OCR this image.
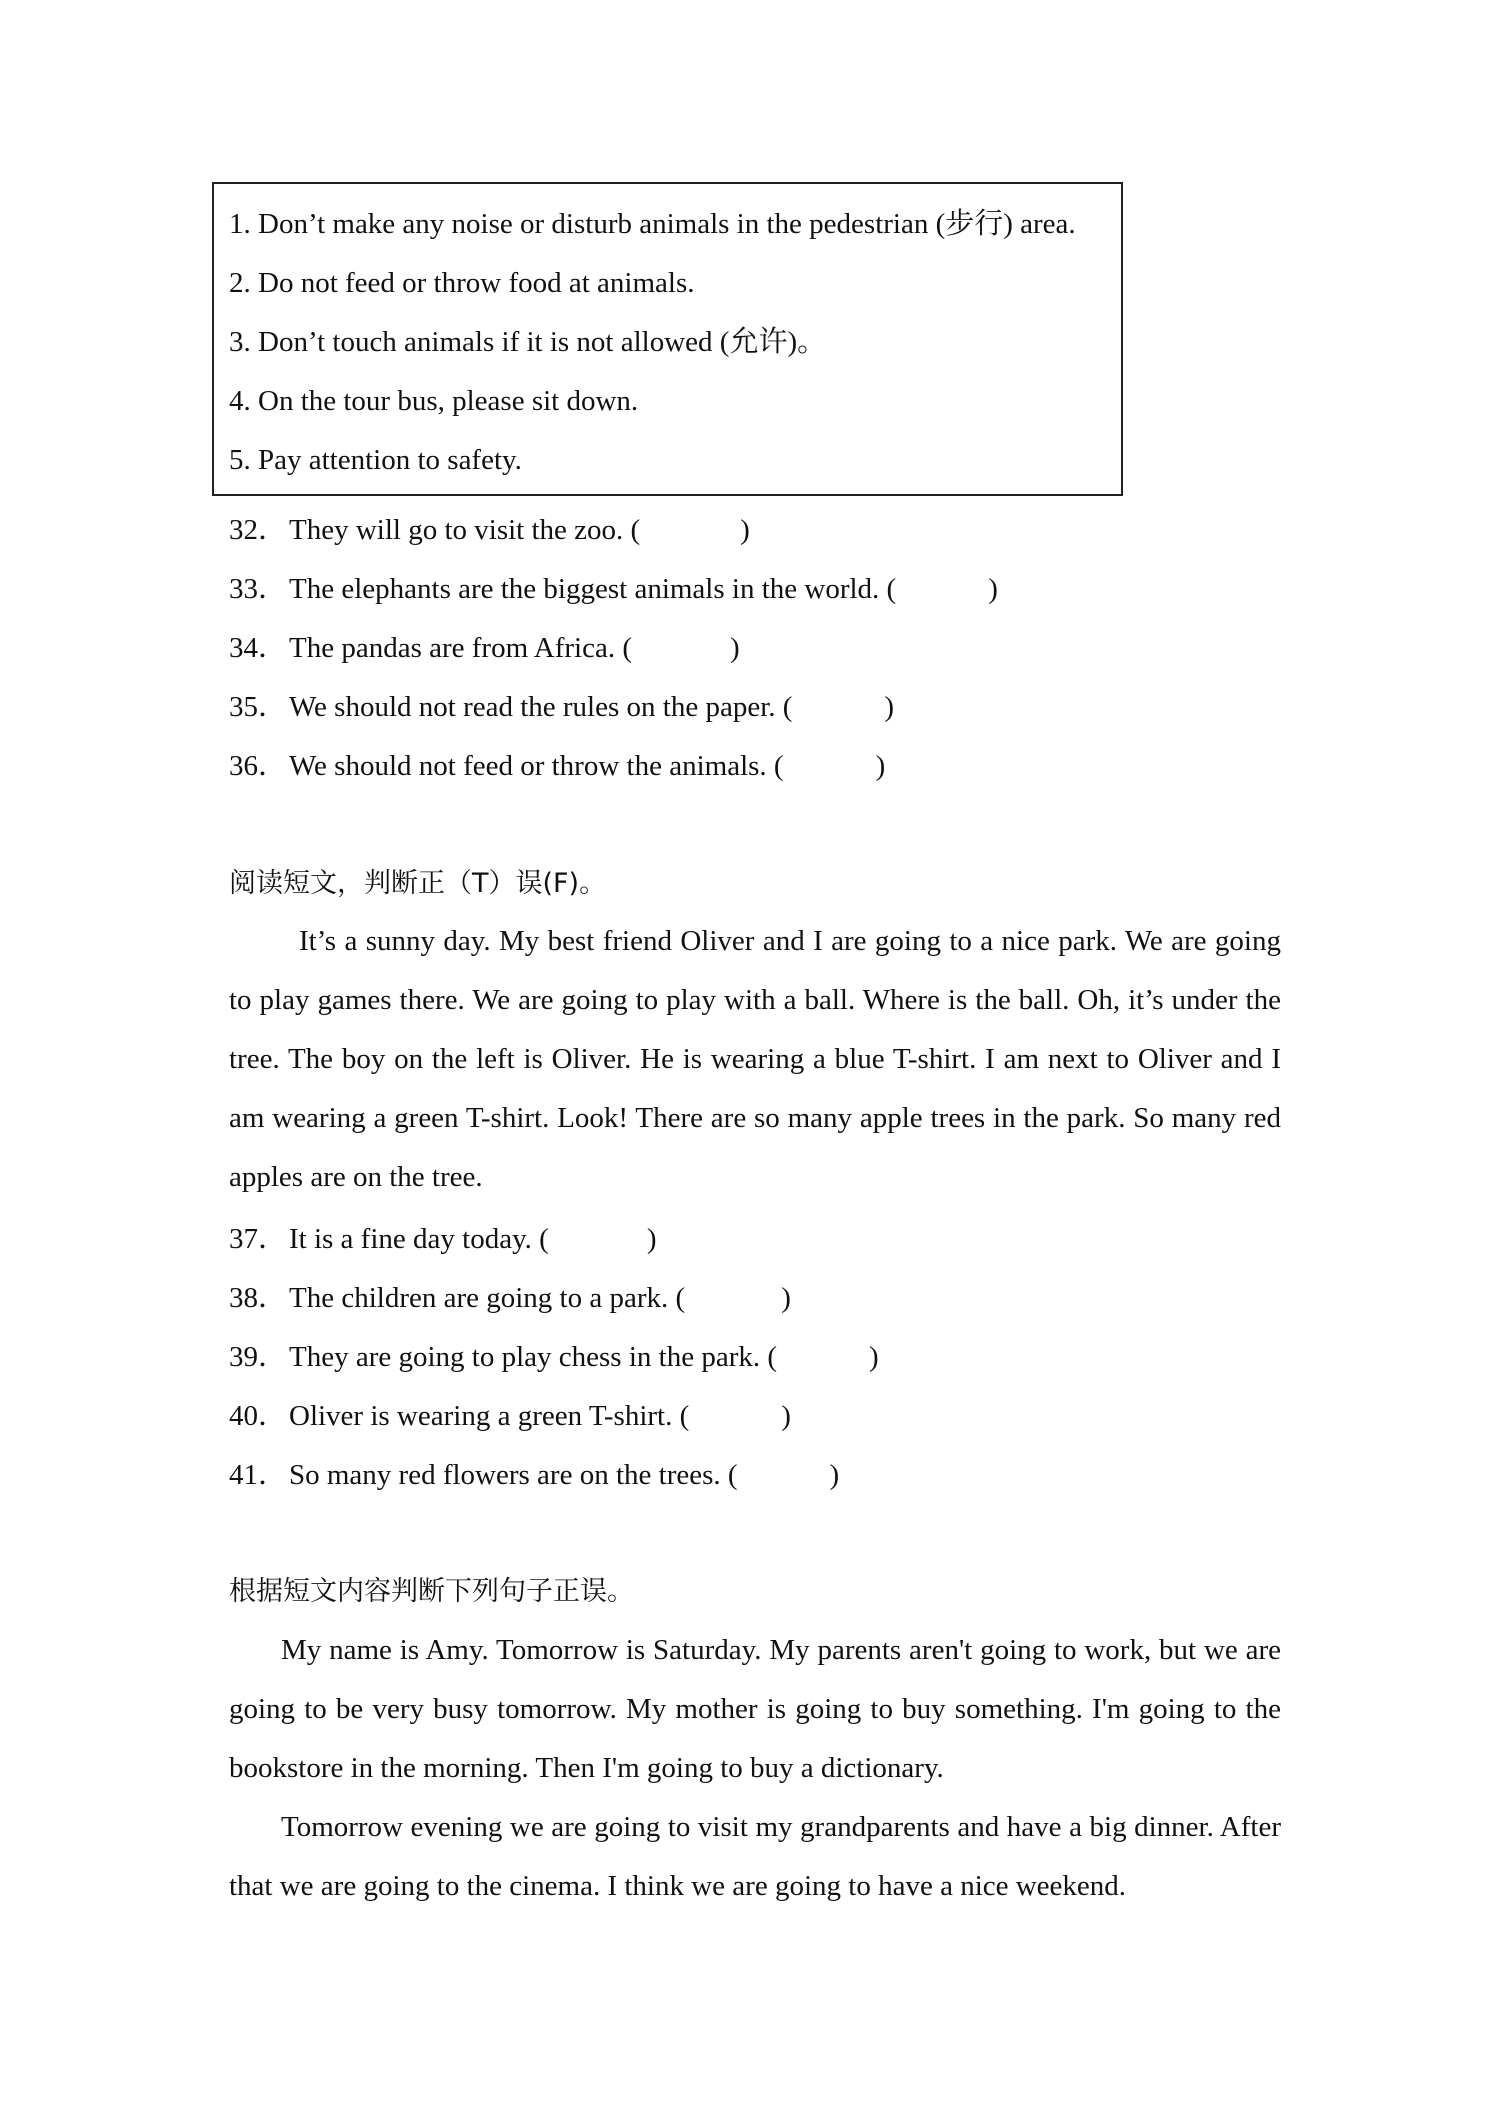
1. Don’t make any noise or disturb animals in the pedestrian (步行) area.
2. Do not feed or throw food at animals.
3. Don’t touch animals if it is not allowed (允许)。
4. On the tour bus, please sit down.
5. Pay attention to safety.
32．They will go to visit the zoo. (	)
33．The elephants are the biggest animals in the world. (	)
34．The pandas are from Africa. (	)
35．We should not read the rules on the paper. (	)
36．We should not feed or throw the animals. (	)
阅读短文，判断正（T）误(F)。
It’s a sunny day. My best friend Oliver and I are going to a nice park. We are going to play games there. We are going to play with a ball. Where is the ball. Oh, it’s under the tree. The boy on the left is Oliver. He is wearing a blue T-shirt. I am next to Oliver and I am wearing a green T-shirt. Look! There are so many apple trees in the park. So many red apples are on the tree.
37．It is a fine day today. (	)
38．The children are going to a park. (	)
39．They are going to play chess in the park. (	)
40．Oliver is wearing a green T-shirt. (	)
41．So many red flowers are on the trees. (	)
根据短文内容判断下列句子正误。
My name is Amy. Tomorrow is Saturday. My parents aren't going to work, but we are going to be very busy tomorrow. My mother is going to buy something. I'm going to the bookstore in the morning. Then I'm going to buy a dictionary.
Tomorrow evening we are going to visit my grandparents and have a big dinner. After that we are going to the cinema. I think we are going to have a nice weekend.
